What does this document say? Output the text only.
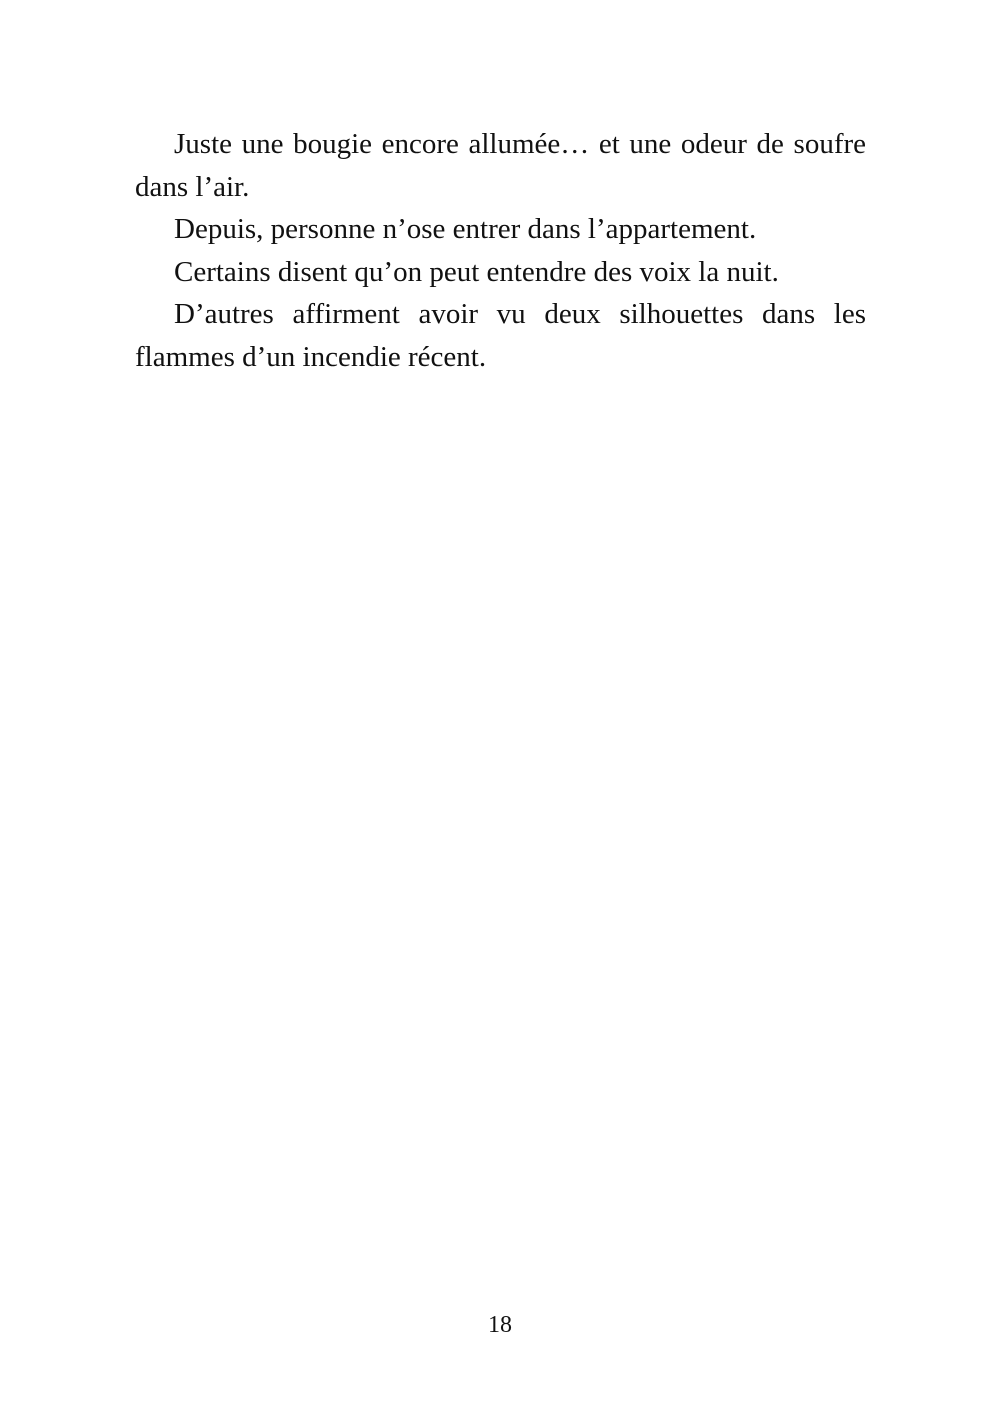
Juste une bougie encore allumée… et une odeur de soufre dans l’air.

Depuis, personne n’ose entrer dans l’appartement.

Certains disent qu’on peut entendre des voix la nuit.

D’autres affirment avoir vu deux silhouettes dans les flammes d’un incendie récent.

18
